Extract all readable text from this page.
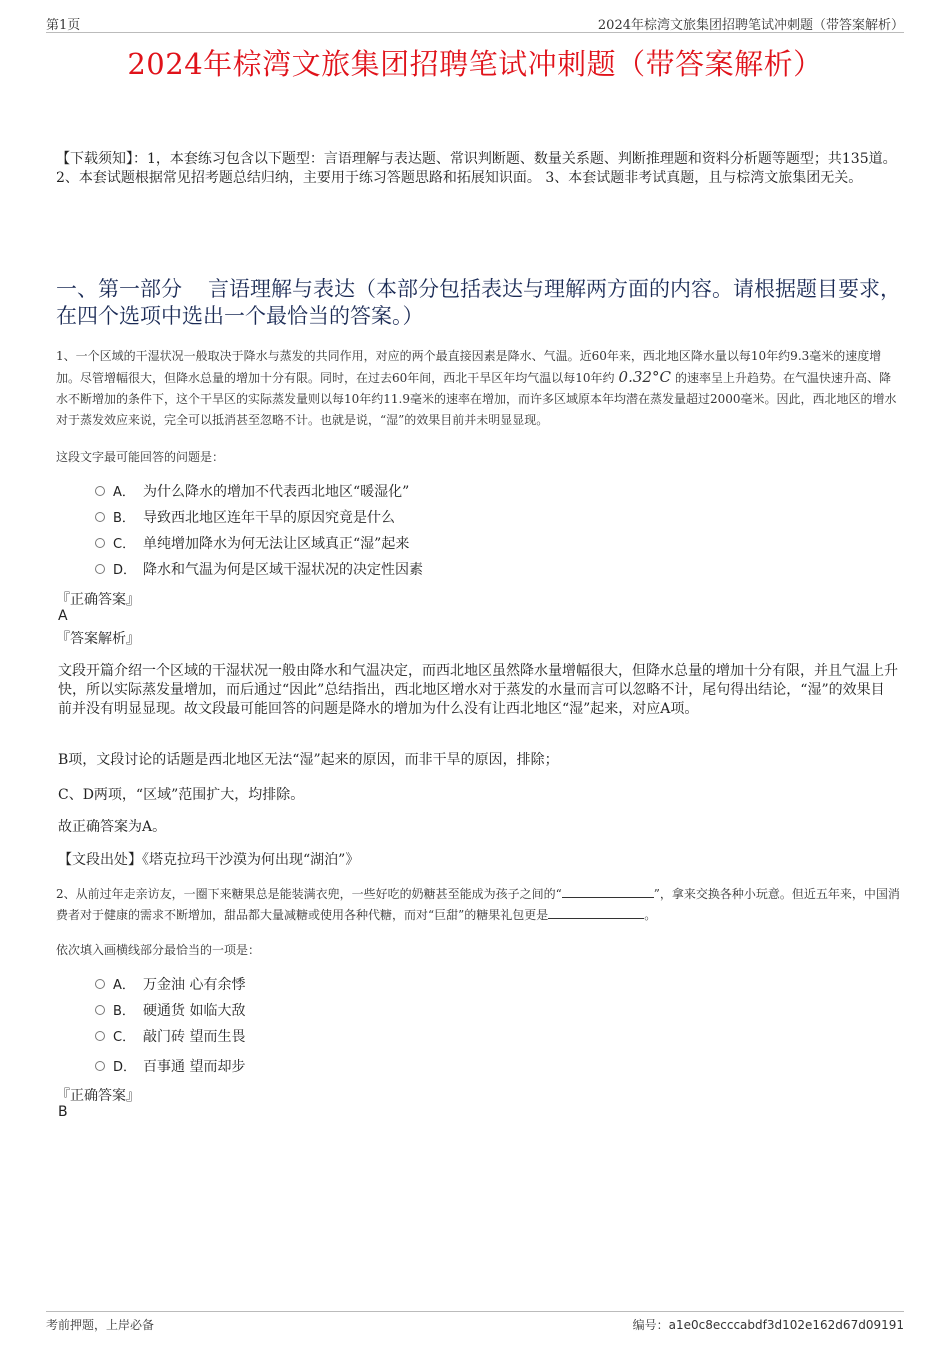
第1页	2024年棕湾文旅集团招聘笔试冲刺题（带答案解析）
2024年棕湾文旅集团招聘笔试冲刺题（带答案解析）
【下载须知】：1，本套练习包含以下题型：言语理解与表达题、常识判断题、数量关系题、判断推理题和资料分析题等题型；共135道。 2、本套试题根据常见招考题总结归纳，主要用于练习答题思路和拓展知识面。 3、本套试题非考试真题，且与棕湾文旅集团无关。
一、第一部分 言语理解与表达（本部分包括表达与理解两方面的内容。请根据题目要求，在四个选项中选出一个最恰当的答案。）
1、一个区域的干湿状况一般取决于降水与蒸发的共同作用，对应的两个最直接因素是降水、气温。近60年来，西北地区降水量以每10年约9.3毫米的速度增加。尽管增幅很大，但降水总量的增加十分有限。同时，在过去60年间，西北干旱区年均气温以每10年约 0.32°C 的速率呈上升趋势。在气温快速升高、降水不断增加的条件下，这个干旱区的实际蒸发量则以每10年约11.9毫米的速率在增加，而许多区域原本年均潜在蒸发量超过2000毫米。因此，西北地区的增水对于蒸发效应来说，完全可以抵消甚至忽略不计。也就是说，“湿”的效果目前并未明显显现。
这段文字最可能回答的问题是：
A． 为什么降水的增加不代表西北地区“暖湿化”
B． 导致西北地区连年干旱的原因究竟是什么
C． 单纯增加降水为何无法让区域真正“湿”起来
D． 降水和气温为何是区域干湿状况的决定性因素
『正确答案』
A
『答案解析』
文段开篇介绍一个区域的干湿状况一般由降水和气温决定，而西北地区虽然降水量增幅很大，但降水总量的增加十分有限，并且气温上升快，所以实际蒸发量增加，而后通过“因此”总结指出，西北地区增水对于蒸发的水量而言可以忽略不计，尾句得出结论，“湿”的效果目前并没有明显显现。故文段最可能回答的问题是降水的增加为什么没有让西北地区“湿”起来，对应A项。
B项，文段讨论的话题是西北地区无法“湿”起来的原因，而非干旱的原因，排除；
C、D两项，“区域”范围扩大，均排除。
故正确答案为A。
【文段出处】《塔克拉玛干沙漠为何出现“湖泊”》
2、从前过年走亲访友，一圈下来糖果总是能装满衣兜，一些好吃的奶糖甚至能成为孩子之间的“	”，拿来交换各种小玩意。但近五年来，中国消费者对于健康的需求不断增加，甜品都大量减糖或使用各种代糖，而对“巨甜”的糖果礼包更是	。
依次填入画横线部分最恰当的一项是：
A． 万金油 心有余悸
B． 硬通货 如临大敌
C． 敲门砖 望而生畏
D． 百事通 望而却步
『正确答案』
B
考前押题，上岸必备	编号：a1e0c8ecccabdf3d102e162d67d09191
